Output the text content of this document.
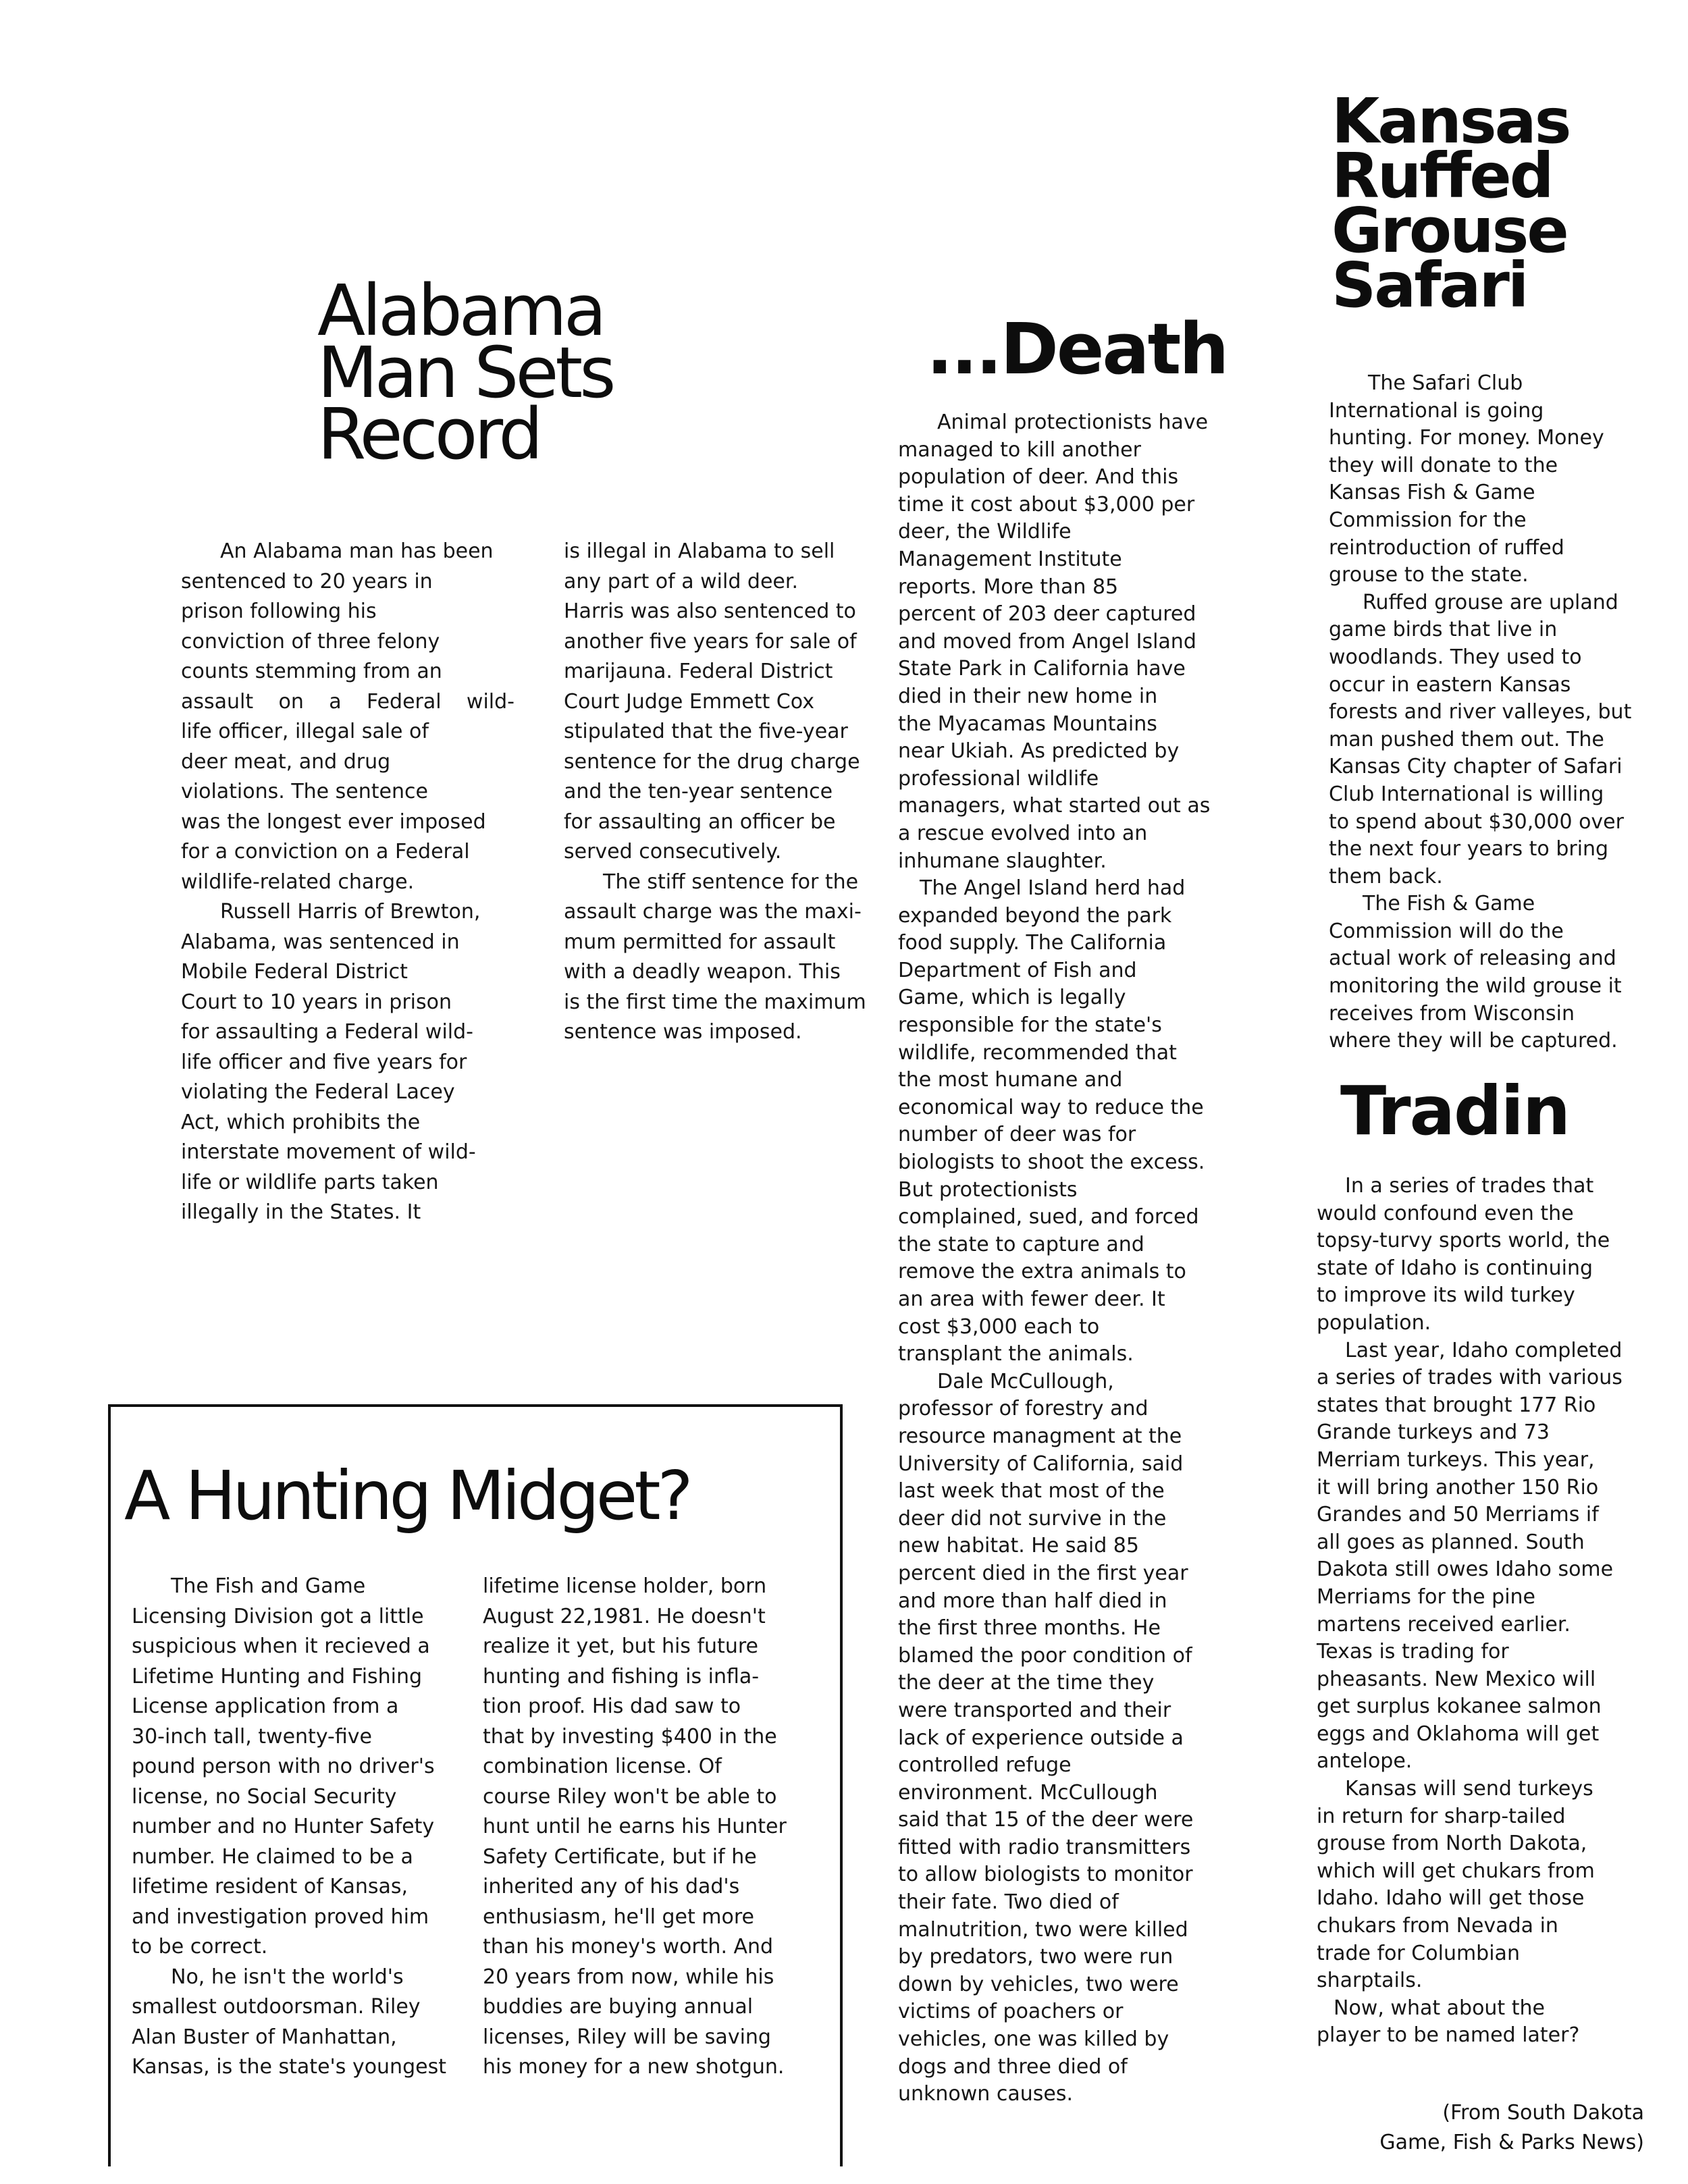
Alabama
Man Sets
Record
An Alabama man has been
sentenced to 20 years in
prison following his
conviction of three felony
counts stemming from an
assault on a Federal wild-
life officer, illegal sale of
deer meat, and drug
violations. The sentence
was the longest ever imposed
for a conviction on a Federal
wildlife-related charge.
Russell Harris of Brewton,
Alabama, was sentenced in
Mobile Federal District
Court to 10 years in prison
for assaulting a Federal wild-
life officer and five years for
violating the Federal Lacey
Act, which prohibits the
interstate movement of wild-
life or wildlife parts taken
illegally in the States. It
is illegal in Alabama to sell
any part of a wild deer.
Harris was also sentenced to
another five years for sale of
marijauna. Federal District
Court Judge Emmett Cox
stipulated that the five-year
sentence for the drug charge
and the ten-year sentence
for assaulting an officer be
served consecutively.
The stiff sentence for the
assault charge was the maxi-
mum permitted for assault
with a deadly weapon. This
is the first time the maximum
sentence was imposed.
A Hunting Midget?
The Fish and Game
Licensing Division got a little
suspicious when it recieved a
Lifetime Hunting and Fishing
License application from a
30-inch tall, twenty-five
pound person with no driver's
license, no Social Security
number and no Hunter Safety
number. He claimed to be a
lifetime resident of Kansas,
and investigation proved him
to be correct.
No, he isn't the world's
smallest outdoorsman. Riley
Alan Buster of Manhattan,
Kansas, is the state's youngest
lifetime license holder, born
August 22,1981. He doesn't
realize it yet, but his future
hunting and fishing is infla-
tion proof. His dad saw to
that by investing $400 in the
combination license. Of
course Riley won't be able to
hunt until he earns his Hunter
Safety Certificate, but if he
inherited any of his dad's
enthusiasm, he'll get more
than his money's worth. And
20 years from now, while his
buddies are buying annual
licenses, Riley will be saving
his money for a new shotgun.
...Death
Animal protectionists have
managed to kill another
population of deer. And this
time it cost about $3,000 per
deer, the Wildlife
Management Institute
reports. More than 85
percent of 203 deer captured
and moved from Angel Island
State Park in California have
died in their new home in
the Myacamas Mountains
near Ukiah. As predicted by
professional wildlife
managers, what started out as
a rescue evolved into an
inhumane slaughter.
The Angel Island herd had
expanded beyond the park
food supply. The California
Department of Fish and
Game, which is legally
responsible for the state's
wildlife, recommended that
the most humane and
economical way to reduce the
number of deer was for
biologists to shoot the excess.
But protectionists
complained, sued, and forced
the state to capture and
remove the extra animals to
an area with fewer deer. It
cost $3,000 each to
transplant the animals.
Dale McCullough,
professor of forestry and
resource managment at the
University of California, said
last week that most of the
deer did not survive in the
new habitat. He said 85
percent died in the first year
and more than half died in
the first three months. He
blamed the poor condition of
the deer at the time they
were transported and their
lack of experience outside a
controlled refuge
environment. McCullough
said that 15 of the deer were
fitted with radio transmitters
to allow biologists to monitor
their fate. Two died of
malnutrition, two were killed
by predators, two were run
down by vehicles, two were
victims of poachers or
vehicles, one was killed by
dogs and three died of
unknown causes.
Kansas
Ruffed
Grouse
Safari
The Safari Club
International is going
hunting. For money. Money
they will donate to the
Kansas Fish & Game
Commission for the
reintroduction of ruffed
grouse to the state.
Ruffed grouse are upland
game birds that live in
woodlands. They used to
occur in eastern Kansas
forests and river valleyes, but
man pushed them out. The
Kansas City chapter of Safari
Club International is willing
to spend about $30,000 over
the next four years to bring
them back.
The Fish & Game
Commission will do the
actual work of releasing and
monitoring the wild grouse it
receives from Wisconsin
where they will be captured.
Tradin
In a series of trades that
would confound even the
topsy-turvy sports world, the
state of Idaho is continuing
to improve its wild turkey
population.
Last year, Idaho completed
a series of trades with various
states that brought 177 Rio
Grande turkeys and 73
Merriam turkeys. This year,
it will bring another 150 Rio
Grandes and 50 Merriams if
all goes as planned. South
Dakota still owes Idaho some
Merriams for the pine
martens received earlier.
Texas is trading for
pheasants. New Mexico will
get surplus kokanee salmon
eggs and Oklahoma will get
antelope.
Kansas will send turkeys
in return for sharp-tailed
grouse from North Dakota,
which will get chukars from
Idaho. Idaho will get those
chukars from Nevada in
trade for Columbian
sharptails.
Now, what about the
player to be named later?
(From South Dakota
Game, Fish & Parks News)
